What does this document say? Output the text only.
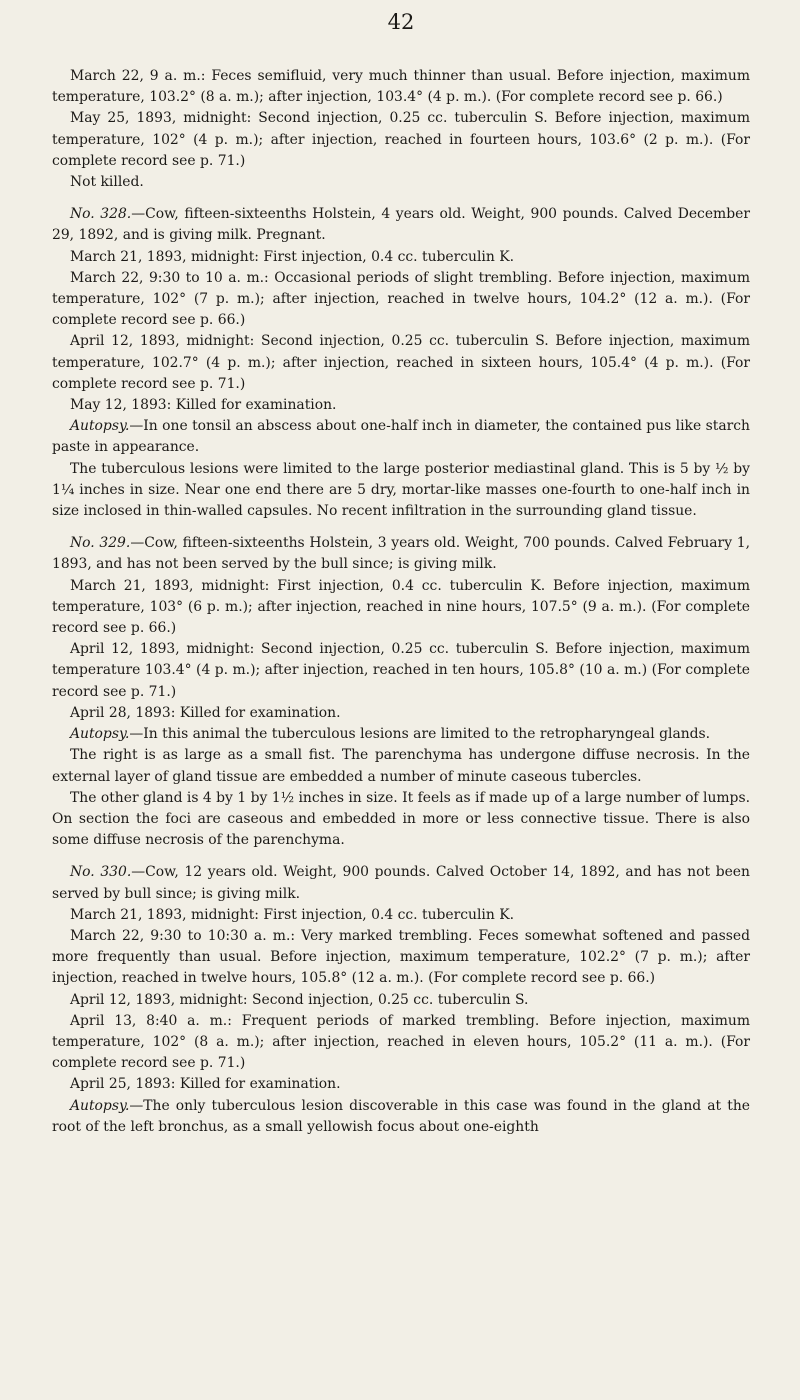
42

March 22, 9 a. m.: Feces semifluid, very much thinner than usual. Before injection, maximum temperature, 103.2° (8 a. m.); after injection, 103.4° (4 p. m.). (For complete record see p. 66.)

May 25, 1893, midnight: Second injection, 0.25 cc. tuberculin S. Before injection, maximum temperature, 102° (4 p. m.); after injection, reached in fourteen hours, 103.6° (2 p. m.). (For complete record see p. 71.)

Not killed.

No. 328.—Cow, fifteen-sixteenths Holstein, 4 years old. Weight, 900 pounds. Calved December 29, 1892, and is giving milk. Pregnant.

March 21, 1893, midnight: First injection, 0.4 cc. tuberculin K.

March 22, 9:30 to 10 a. m.: Occasional periods of slight trembling. Before injection, maximum temperature, 102° (7 p. m.); after injection, reached in twelve hours, 104.2° (12 a. m.). (For complete record see p. 66.)

April 12, 1893, midnight: Second injection, 0.25 cc. tuberculin S. Before injection, maximum temperature, 102.7° (4 p. m.); after injection, reached in sixteen hours, 105.4° (4 p. m.). (For complete record see p. 71.)

May 12, 1893: Killed for examination.

Autopsy.—In one tonsil an abscess about one-half inch in diameter, the contained pus like starch paste in appearance.

The tuberculous lesions were limited to the large posterior mediastinal gland. This is 5 by ½ by 1¼ inches in size. Near one end there are 5 dry, mortar-like masses one-fourth to one-half inch in size inclosed in thin-walled capsules. No recent infiltration in the surrounding gland tissue.

No. 329.—Cow, fifteen-sixteenths Holstein, 3 years old. Weight, 700 pounds. Calved February 1, 1893, and has not been served by the bull since; is giving milk.

March 21, 1893, midnight: First injection, 0.4 cc. tuberculin K. Before injection, maximum temperature, 103° (6 p. m.); after injection, reached in nine hours, 107.5° (9 a. m.). (For complete record see p. 66.)

April 12, 1893, midnight: Second injection, 0.25 cc. tuberculin S. Before injection, maximum temperature 103.4° (4 p. m.); after injection, reached in ten hours, 105.8° (10 a. m.) (For complete record see p. 71.)

April 28, 1893: Killed for examination.

Autopsy.—In this animal the tuberculous lesions are limited to the retropharyngeal glands.

The right is as large as a small fist. The parenchyma has undergone diffuse necrosis. In the external layer of gland tissue are embedded a number of minute caseous tubercles.

The other gland is 4 by 1 by 1½ inches in size. It feels as if made up of a large number of lumps. On section the foci are caseous and embedded in more or less connective tissue. There is also some diffuse necrosis of the parenchyma.

No. 330.—Cow, 12 years old. Weight, 900 pounds. Calved October 14, 1892, and has not been served by bull since; is giving milk.

March 21, 1893, midnight: First injection, 0.4 cc. tuberculin K.

March 22, 9:30 to 10:30 a. m.: Very marked trembling. Feces somewhat softened and passed more frequently than usual. Before injection, maximum temperature, 102.2° (7 p. m.); after injection, reached in twelve hours, 105.8° (12 a. m.). (For complete record see p. 66.)

April 12, 1893, midnight: Second injection, 0.25 cc. tuberculin S.

April 13, 8:40 a. m.: Frequent periods of marked trembling. Before injection, maximum temperature, 102° (8 a. m.); after injection, reached in eleven hours, 105.2° (11 a. m.). (For complete record see p. 71.)

April 25, 1893: Killed for examination.

Autopsy.—The only tuberculous lesion discoverable in this case was found in the gland at the root of the left bronchus, as a small yellowish focus about one-eighth
